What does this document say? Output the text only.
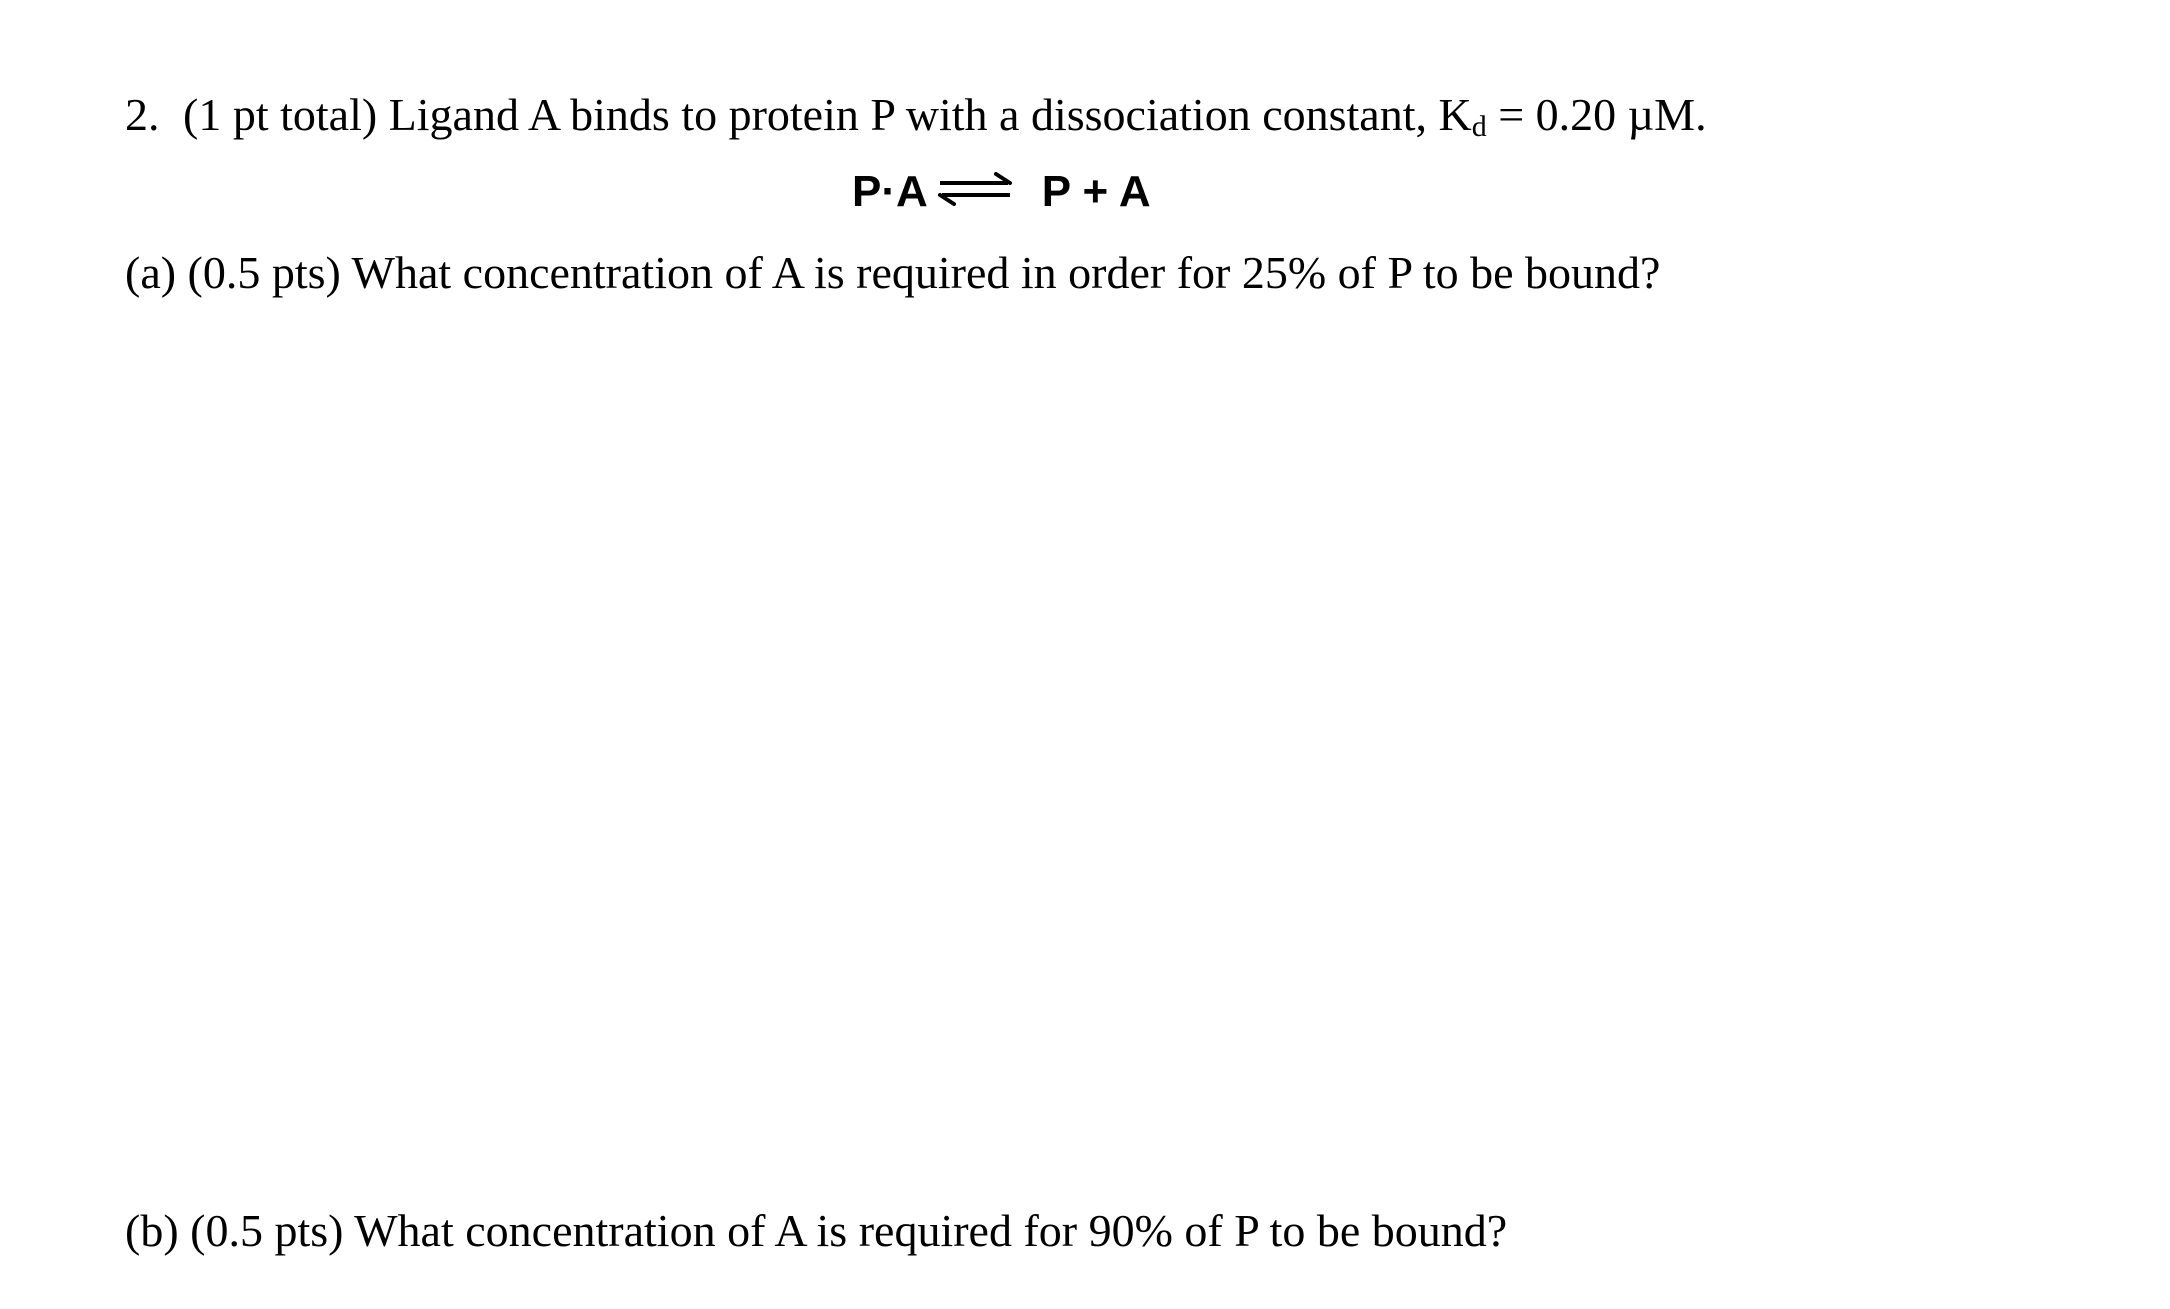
2. (1 pt total) Ligand A binds to protein P with a dissociation constant, $K_d = 0.20$ µM.
P·A ⇌ P + A

(a) (0.5 pts) What concentration of A is required in order for 25% of P to be bound?

(b) (0.5 pts) What concentration of A is required for 90% of P to be bound?
